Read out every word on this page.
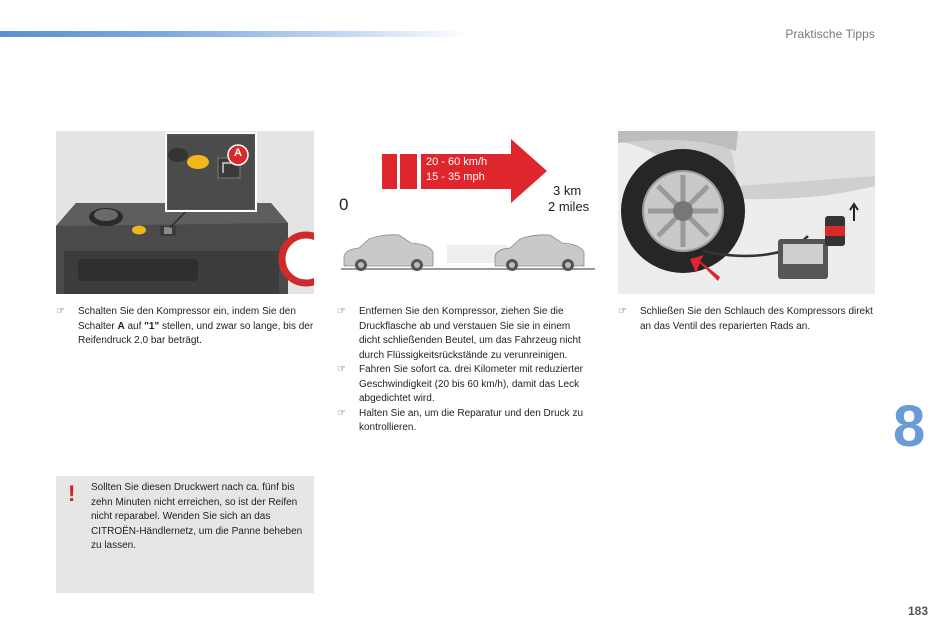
Praktische Tipps
A
20 - 60 km/h
15 - 35 mph
0
3 km
2 miles
☞ Schalten Sie den Kompressor ein, indem Sie den Schalter A auf "1" stellen, und zwar so lange, bis der Reifendruck 2,0 bar beträgt.
☞ Entfernen Sie den Kompressor, ziehen Sie die Druckflasche ab und verstauen Sie sie in einem dicht schließenden Beutel, um das Fahrzeug nicht durch Flüssigkeitsrückstände zu verunreinigen.
☞ Fahren Sie sofort ca. drei Kilometer mit reduzierter Geschwindigkeit (20 bis 60 km/h), damit das Leck abgedichtet wird.
☞ Halten Sie an, um die Reparatur und den Druck zu kontrollieren.
☞ Schließen Sie den Schlauch des Kompressors direkt an das Ventil des reparierten Rads an.
! Sollten Sie diesen Druckwert nach ca. fünf bis zehn Minuten nicht erreichen, so ist der Reifen nicht reparabel. Wenden Sie sich an das CITROËN-Händlernetz, um die Panne beheben zu lassen.
8
183
